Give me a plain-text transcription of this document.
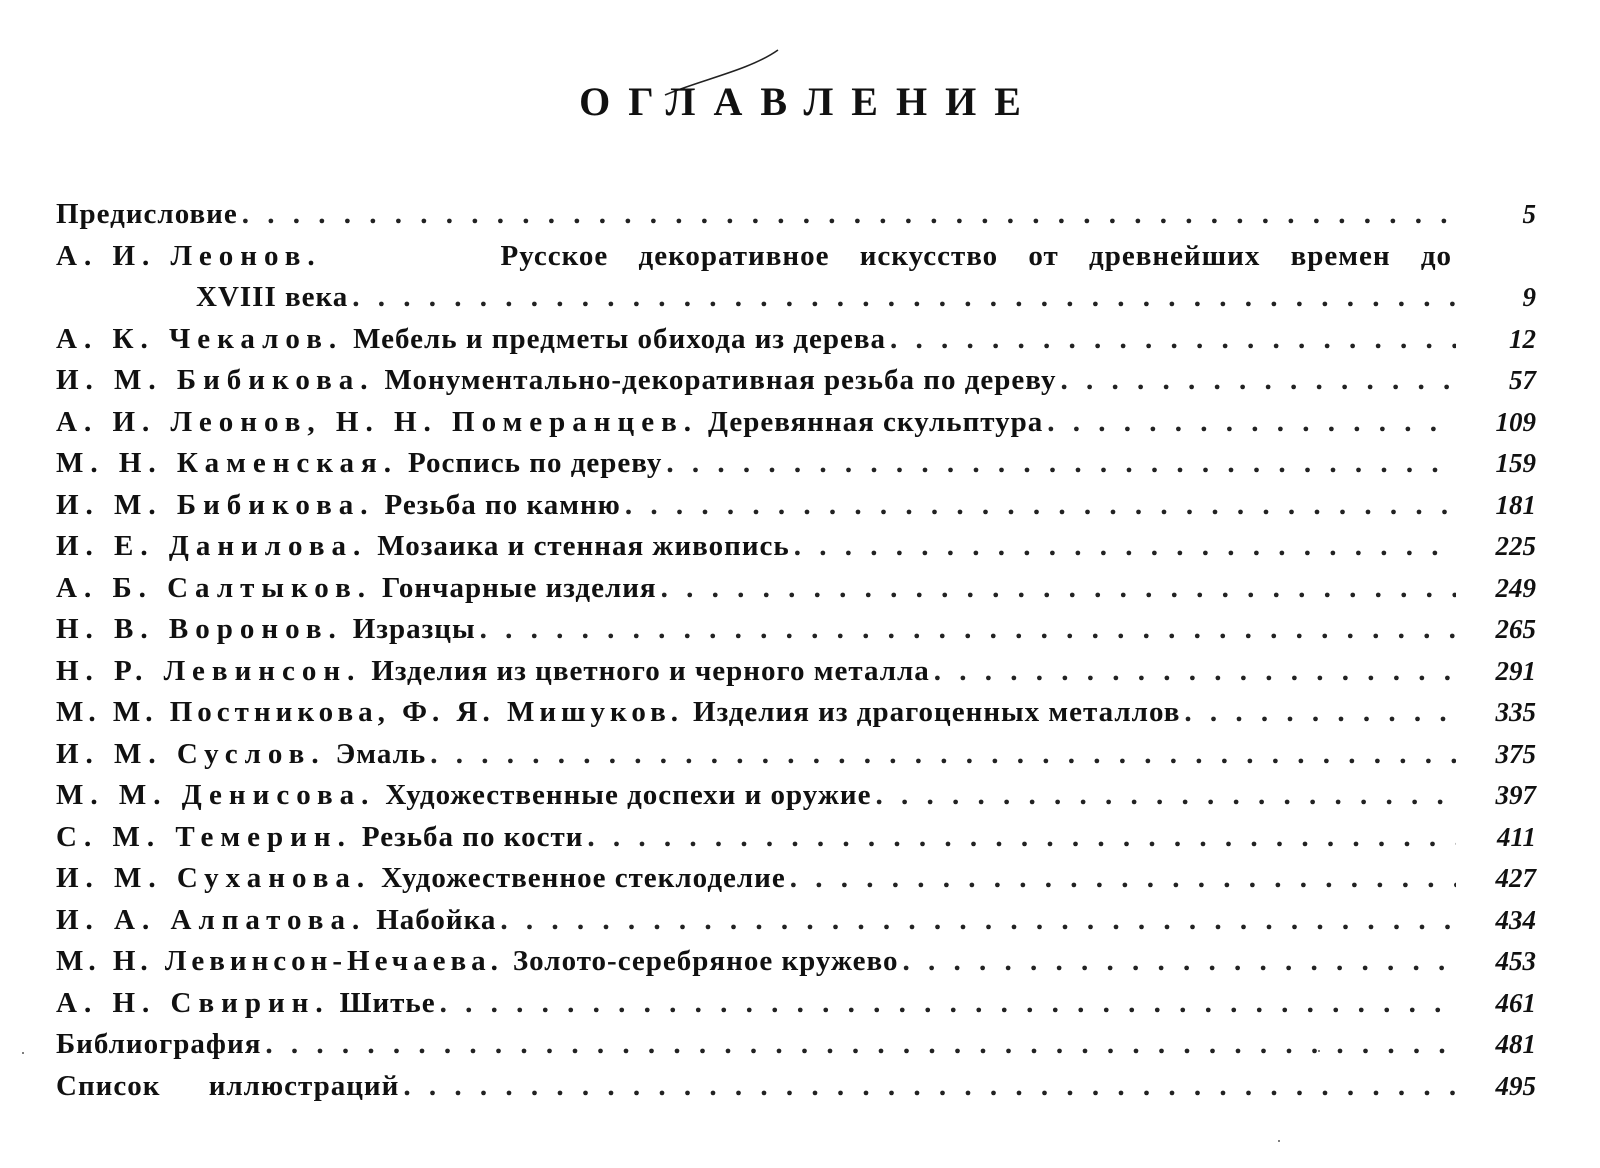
ОГЛАВЛЕНИЕ
Предисловие . . .	5
А. И. Леонов.	Русское декоративное искусство от древнейших времен до
XVIII века . . .	9
А. К. Чекалов. Мебель и предметы обихода из дерева . . .	12
И. М. Бибикова. Монументально-декоративная резьба по дереву . . .	57
А. И. Леонов, Н. Н. Померанцев. Деревянная скульптура . . .	109
М. Н. Каменская. Роспись по дереву . . .	159
И. М. Бибикова. Резьба по камню . . .	181
И. Е. Данилова. Мозаика и стенная живопись . . .	225
А. Б. Салтыков. Гончарные изделия . . .	249
Н. В. Воронов. Изразцы . . .	265
Н. Р. Левинсон. Изделия из цветного и черного металла . . .	291
М. М. Постникова, Ф. Я. Мишуков. Изделия из драгоценных металлов . . .	335
И. М. Суслов. Эмаль . . .	375
М. М. Денисова. Художественные доспехи и оружие . . .	397
С. М. Темерин. Резьба по кости . . .	411
И. М. Суханова. Художественное стеклоделие . . .	427
И. А. Алпатова. Набойка . . .	434
М. Н. Левинсон-Нечаева. Золото-серебряное кружево . . .	453
А. Н. Свирин. Шитье . . .	461
Библиография . . .	481
Список иллюстраций . . .	495
